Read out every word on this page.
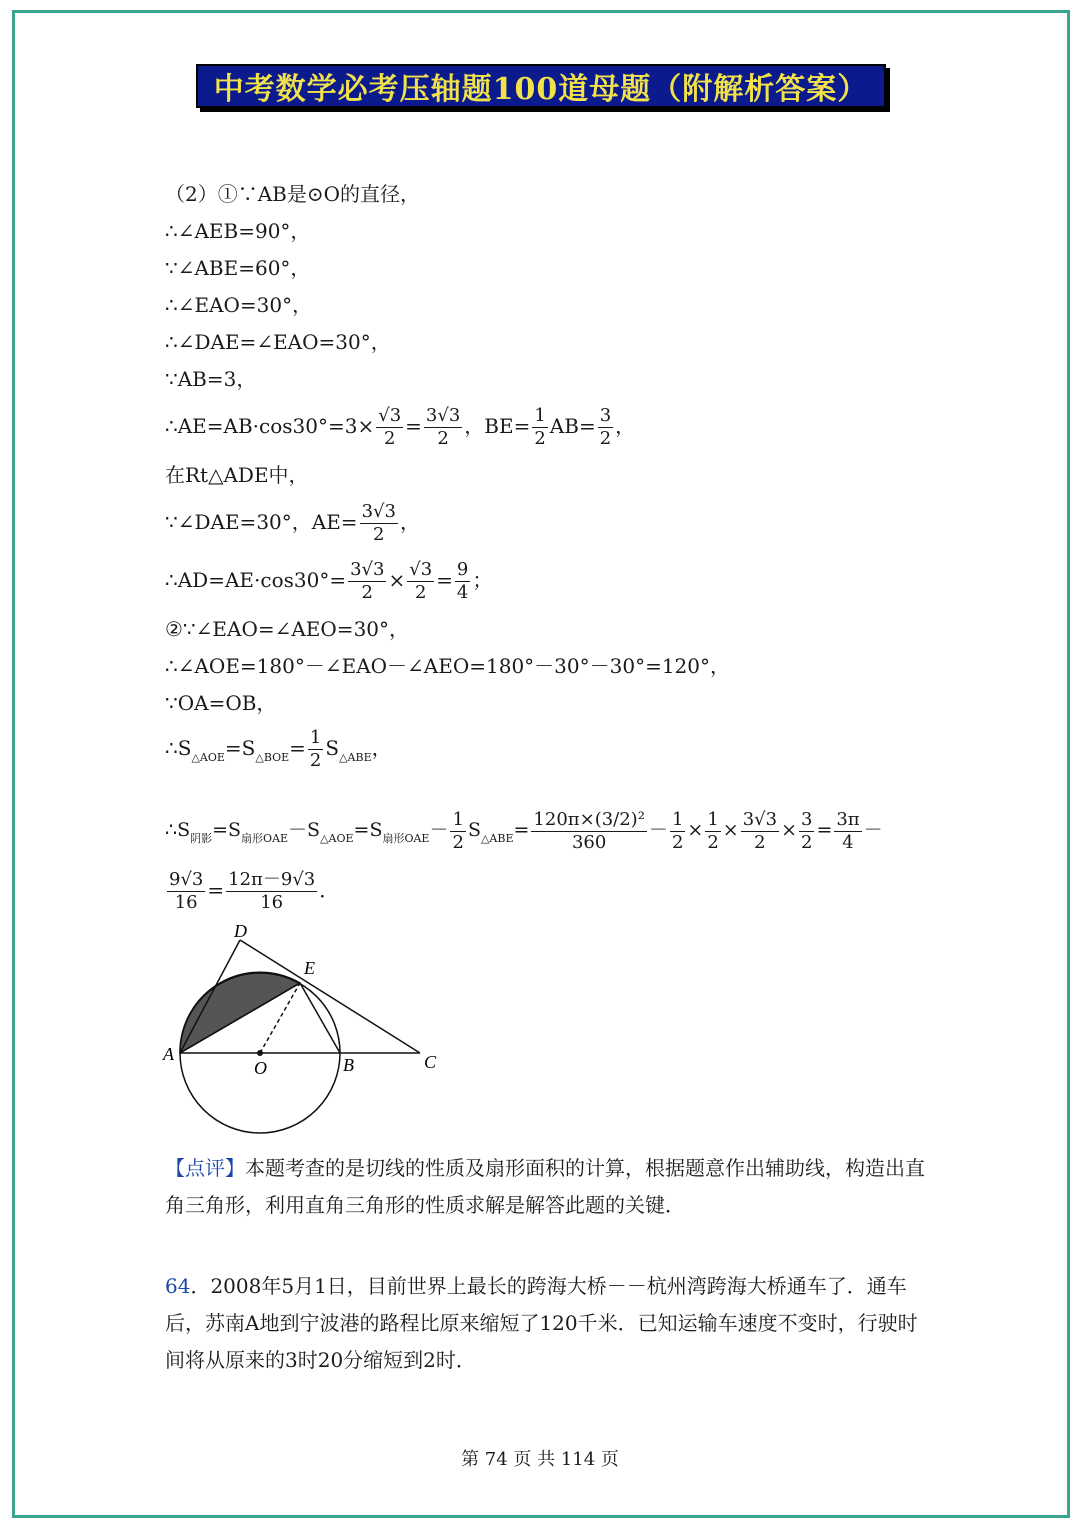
中考数学必考压轴题100道母题（附解析答案）
（2）①∵AB是⊙O的直径，
∴∠AEB=90°，
∵∠ABE=60°，
∴∠EAO=30°，
∴∠DAE=∠EAO=30°，
∵AB=3，
∴AE=AB·cos30°=3× $\frac{√3}{2} = \frac{3√3}{2}$ ，$BE= \frac{1}{2} AB= \frac{3}{2}$ ，
在Rt△ADE中，
∵∠DAE=30°，$AE= \frac{3√3}{2}$ ，
∴AD=AE·cos30°= $\frac{3√3}{2} \times \frac{√3}{2} = \frac{9}{4}$ ；
②∵∠EAO=∠AEO=30°，
∴∠AOE=180°－∠EAO－∠AEO=180°－30°－30°=120°，
∵OA=OB，
$\therefore S_{\triangle AOE}=S_{\triangle BOE}= \frac{1}{2} S_{\triangle ABE}$，
$\therefore S_{阴影}=S_{扇形OAE}-S_{\triangle AOE}=S_{扇形OAE}- \frac{1}{2} S_{\triangle ABE}= \frac{\text{120π×(3/2)²}}{360} - \frac{1}{2} \times \frac{1}{2} \times \frac{3√3}{2} \times \frac{3}{2} = \frac{3\pi}{4}$ －
$\frac{9√3}{16} = \frac{12\pi-9√3}{16}$ ．
D
E
A
O	B	C
【点评】本题考查的是切线的性质及扇形面积的计算，根据题意作出辅助线，构造出直角三角形，利用直角三角形的性质求解是解答此题的关键．
64．2008年5月1日，目前世界上最长的跨海大桥－－杭州湾跨海大桥通车了．通车后，苏南A地到宁波港的路程比原来缩短了120千米．已知运输车速度不变时，行驶时间将从原来的3时20分缩短到2时．
第 74 页 共 114 页
